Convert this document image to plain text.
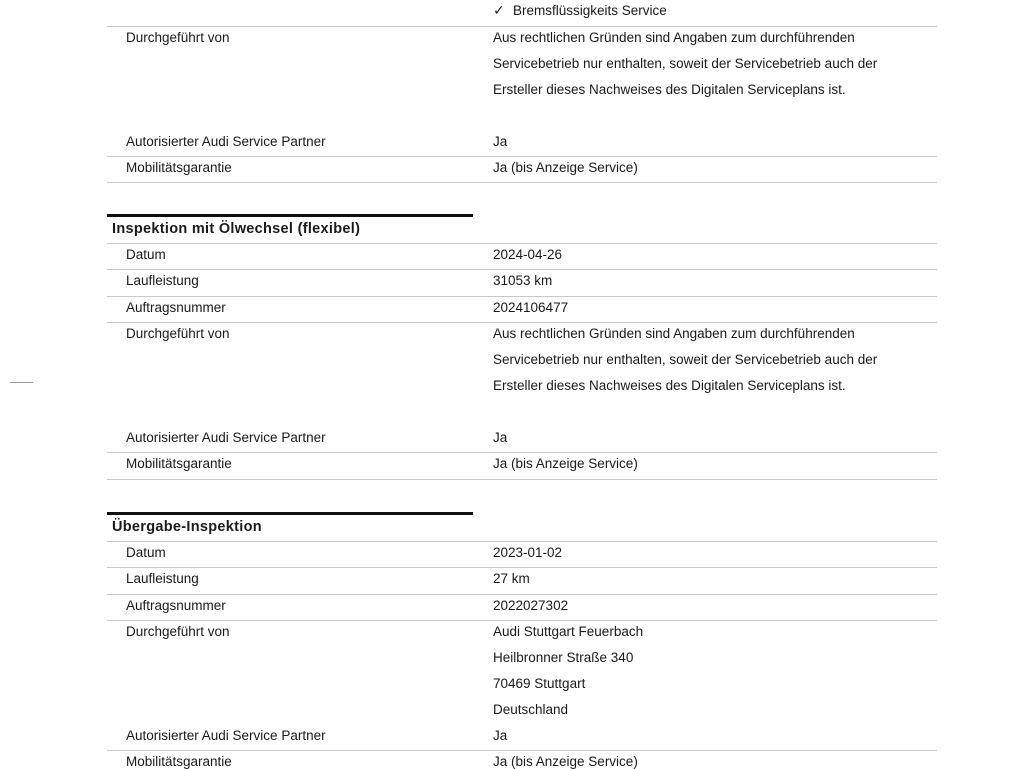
✓ Bremsflüssigkeits Service
Durchgeführt von	Aus rechtlichen Gründen sind Angaben zum durchführenden
Servicebetrieb nur enthalten, soweit der Servicebetrieb auch der
Ersteller dieses Nachweises des Digitalen Serviceplans ist.
Autorisierter Audi Service Partner	Ja
Mobilitätsgarantie	Ja (bis Anzeige Service)
Inspektion mit Ölwechsel (flexibel)
Datum	2024-04-26
Laufleistung	31053 km
Auftragsnummer	2024106477
Durchgeführt von	Aus rechtlichen Gründen sind Angaben zum durchführenden
Servicebetrieb nur enthalten, soweit der Servicebetrieb auch der
Ersteller dieses Nachweises des Digitalen Serviceplans ist.
Autorisierter Audi Service Partner	Ja
Mobilitätsgarantie	Ja (bis Anzeige Service)
Übergabe-Inspektion
Datum	2023-01-02
Laufleistung	27 km
Auftragsnummer	2022027302
Durchgeführt von	Audi Stuttgart Feuerbach
Heilbronner Straße 340
70469 Stuttgart
Deutschland
Autorisierter Audi Service Partner	Ja
Mobilitätsgarantie	Ja (bis Anzeige Service)
